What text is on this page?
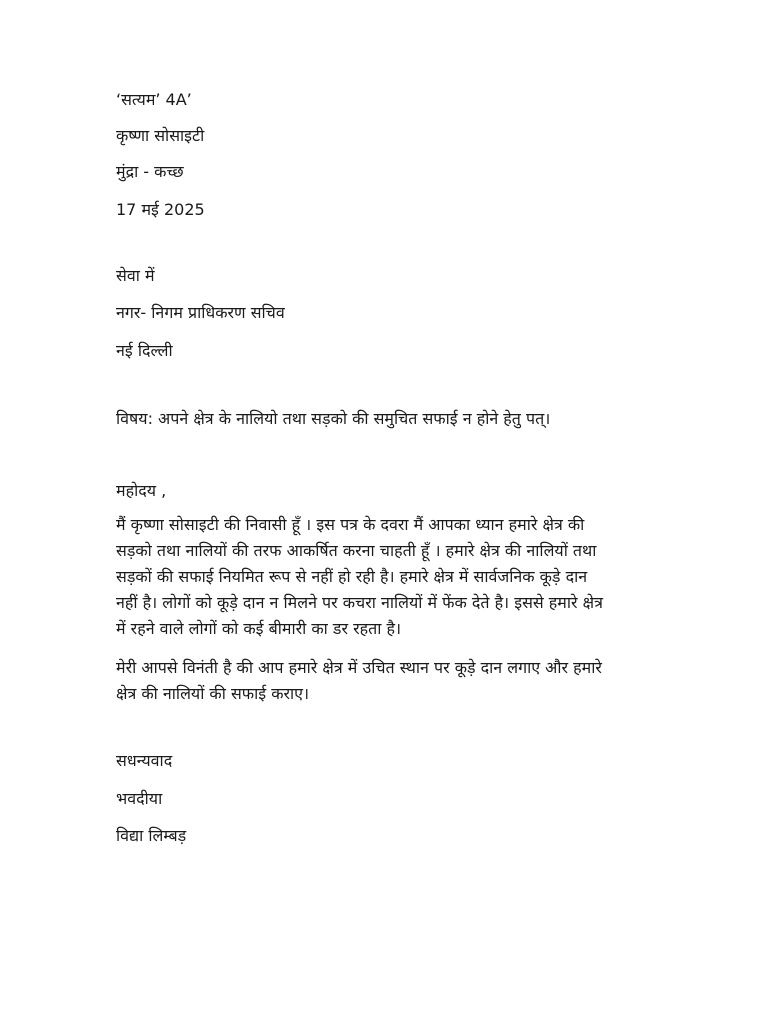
‘सत्यम’ 4A’
कृष्णा सोसाइटी
मुंद्रा - कच्छ
17 मई 2025
सेवा में
नगर- निगम प्राधिकरण सचिव
नई दिल्ली
विषय: अपने क्षेत्र के नालियो तथा सड़को की समुचित सफाई न होने हेतु पत्।
महोदय ,
मैं कृष्णा सोसाइटी की निवासी हूँ । इस पत्र के दवरा मैं आपका ध्यान हमारे क्षेत्र की
सड़को तथा नालियों की तरफ आकर्षित करना चाहती हूँ । हमारे क्षेत्र की नालियों तथा
सड़कों की सफाई नियमित रूप से नहीं हो रही है। हमारे क्षेत्र में सार्वजनिक कूड़े दान
नहीं है। लोगों को कूड़े दान न मिलने पर कचरा नालियों में फेंक देते है। इससे हमारे क्षेत्र
में रहने वाले लोगों को कई बीमारी का डर रहता है।
मेरी आपसे विनंती है की आप हमारे क्षेत्र में उचित स्थान पर कूड़े दान लगाए और हमारे
क्षेत्र की नालियों की सफाई कराए।
सधन्यवाद
भवदीया
विद्या लिम्बड़
